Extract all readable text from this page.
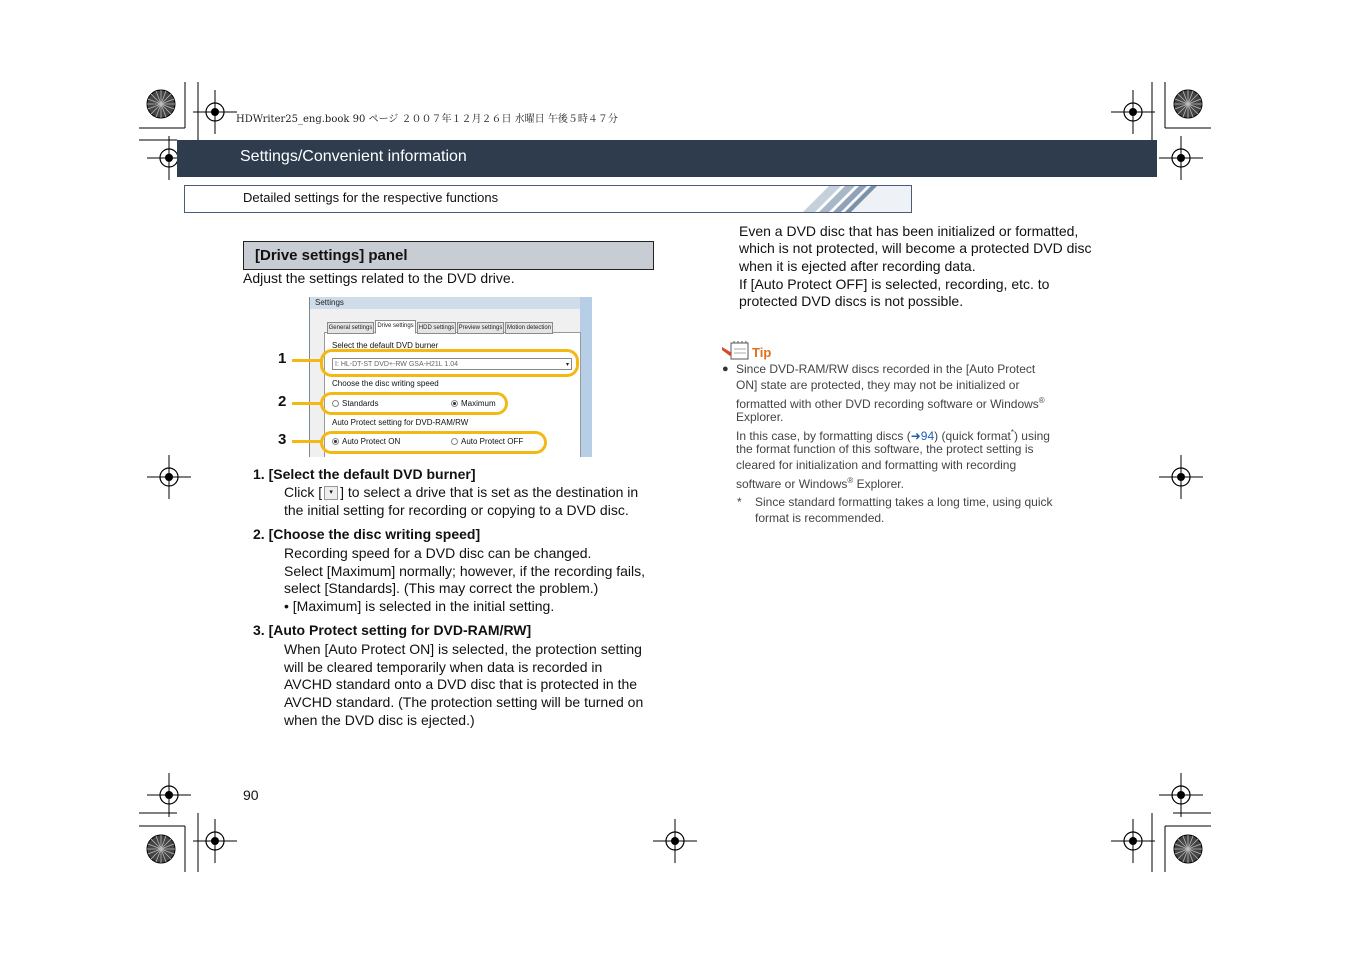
HDWriter25_eng.book 90 ページ ２００７年１２月２６日 水曜日 午後５時４７分
Settings/Convenient information
Detailed settings for the respective functions
[Drive settings] panel
Adjust the settings related to the DVD drive.
Settings
General settings Drive settings HDD settings Preview settings Motion detection
Select the default DVD burner
I: HL-DT-ST DVD+-RW GSA-H21L 1.04	▾
Choose the disc writing speed
Standards	Maximum
Auto Protect setting for DVD-RAM/RW
Auto Protect ON	Auto Protect OFF
1
2
3
1. [Select the default DVD burner]
Click [ ▾ ] to select a drive that is set as the destination in
the initial setting for recording or copying to a DVD disc.
2. [Choose the disc writing speed]
Recording speed for a DVD disc can be changed.
Select [Maximum] normally; however, if the recording fails,
select [Standards]. (This may correct the problem.)
• [Maximum] is selected in the initial setting.
3. [Auto Protect setting for DVD-RAM/RW]
When [Auto Protect ON] is selected, the protection setting
will be cleared temporarily when data is recorded in
AVCHD standard onto a DVD disc that is protected in the
AVCHD standard. (The protection setting will be turned on
when the DVD disc is ejected.)
Even a DVD disc that has been initialized or formatted,
which is not protected, will become a protected DVD disc
when it is ejected after recording data.
If [Auto Protect OFF] is selected, recording, etc. to
protected DVD discs is not possible.
Tip
● Since DVD-RAM/RW discs recorded in the [Auto Protect
ON] state are protected, they may not be initialized or
formatted with other DVD recording software or Windows®
Explorer.
In this case, by formatting discs (➜94) (quick format*) using
the format function of this software, the protect setting is
cleared for initialization and formatting with recording
software or Windows® Explorer.
* Since standard formatting takes a long time, using quick
format is recommended.
90
